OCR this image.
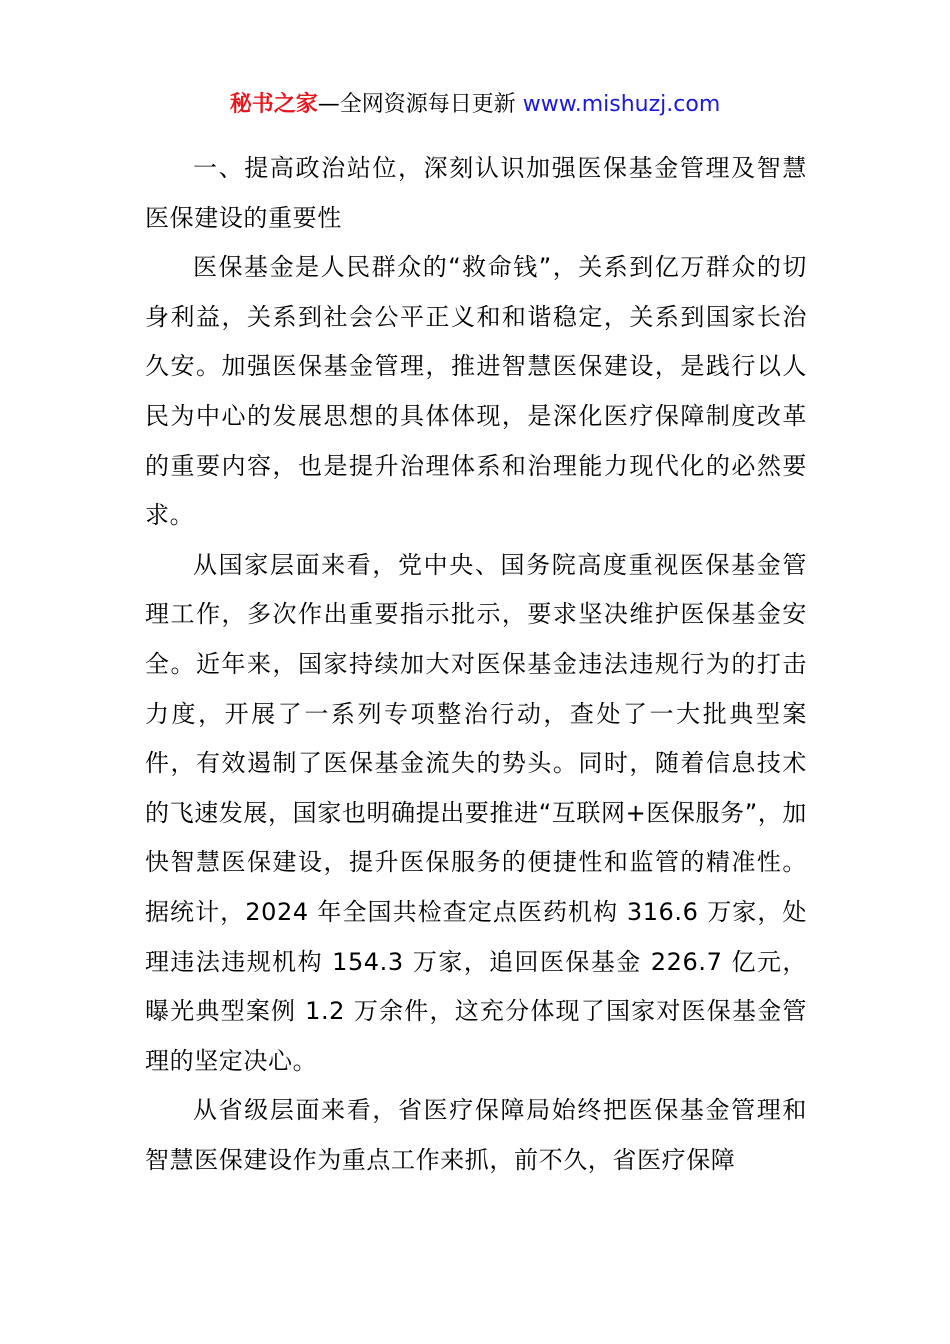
秘书之家—全网资源每日更新 www.mishuzj.com

一、提高政治站位，深刻认识加强医保基金管理及智慧医保建设的重要性

医保基金是人民群众的“救命钱”，关系到亿万群众的切身利益，关系到社会公平正义和和谐稳定，关系到国家长治久安。加强医保基金管理，推进智慧医保建设，是践行以人民为中心的发展思想的具体体现，是深化医疗保障制度改革的重要内容，也是提升治理体系和治理能力现代化的必然要求。

从国家层面来看，党中央、国务院高度重视医保基金管理工作，多次作出重要指示批示，要求坚决维护医保基金安全。近年来，国家持续加大对医保基金违法违规行为的打击力度，开展了一系列专项整治行动，查处了一大批典型案件，有效遏制了医保基金流失的势头。同时，随着信息技术的飞速发展，国家也明确提出要推进“互联网+医保服务”，加快智慧医保建设，提升医保服务的便捷性和监管的精准性。据统计，2024 年全国共检查定点医药机构 316.6 万家，处理违法违规机构 154.3 万家，追回医保基金 226.7 亿元，曝光典型案例 1.2 万余件，这充分体现了国家对医保基金管理的坚定决心。

从省级层面来看，省医疗保障局始终把医保基金管理和智慧医保建设作为重点工作来抓，前不久，省医疗保障
